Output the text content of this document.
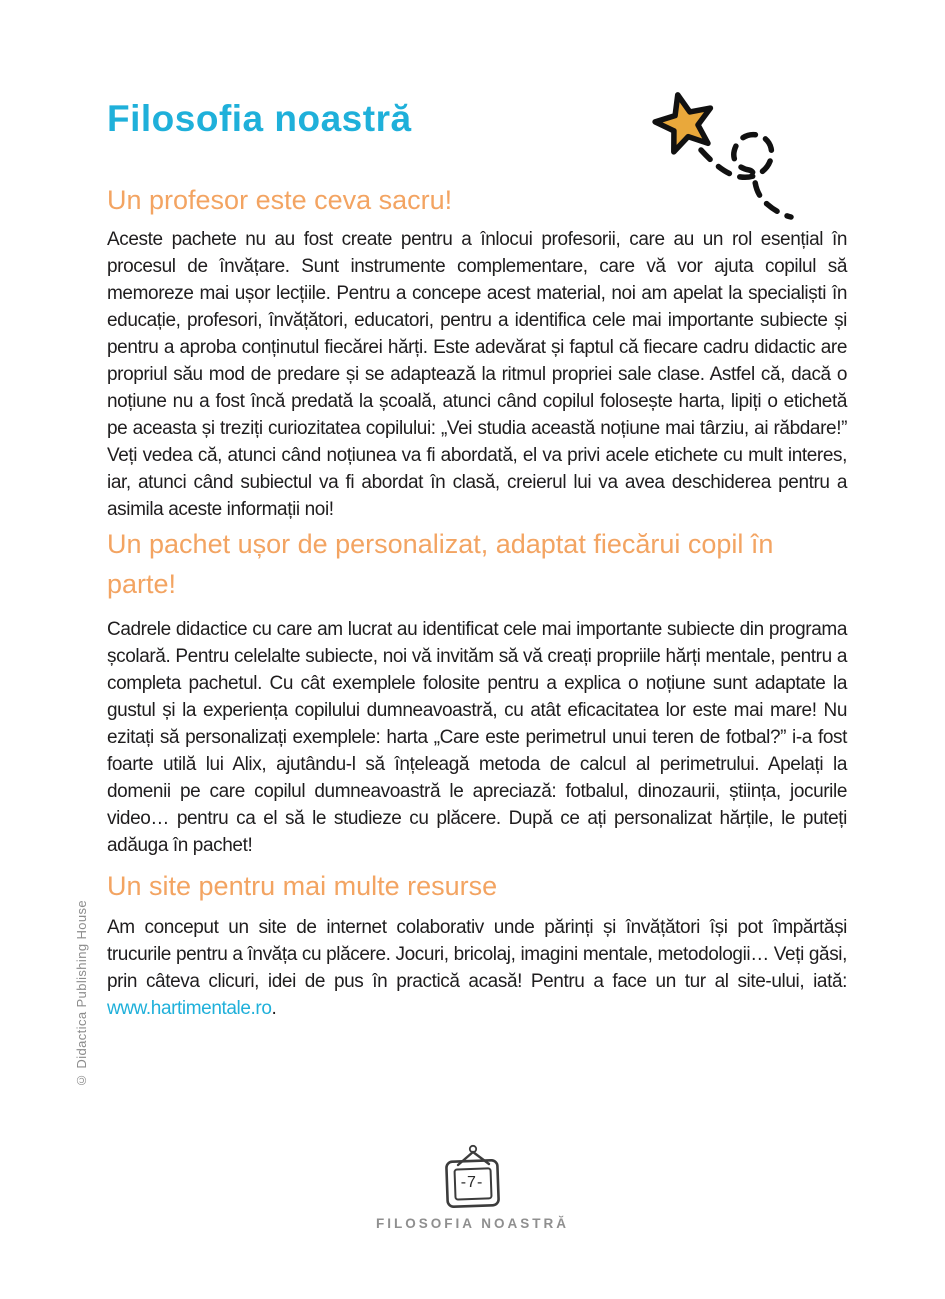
© Didactica Publishing House
Filosofia noastră
Un profesor este ceva sacru!

Aceste pachete nu au fost create pentru a înlocui profesorii, care au un rol esențial în procesul de învățare. Sunt instrumente complementare, care vă vor ajuta copilul să memoreze mai ușor lecțiile. Pentru a concepe acest material, noi am apelat la specialiști în educație, profesori, învățători, educatori, pentru a identifica cele mai importante subiecte și pentru a aproba conținutul fiecărei hărți. Este adevărat și faptul că fiecare cadru didactic are propriul său mod de predare și se adaptează la ritmul propriei sale clase. Astfel că, dacă o noțiune nu a fost încă predată la școală, atunci când copilul folosește harta, lipiți o etichetă pe aceasta și treziți curiozitatea copilului: „Vei studia această noțiune mai târziu, ai răbdare!” Veți vedea că, atunci când noțiunea va fi abordată, el va privi acele etichete cu mult interes, iar, atunci când subiectul va fi abordat în clasă, creierul lui va avea deschiderea pentru a asimila aceste informații noi!

Un pachet ușor de personalizat, adaptat fiecărui copil în parte!

Cadrele didactice cu care am lucrat au identificat cele mai importante subiecte din programa școlară. Pentru celelalte subiecte, noi vă invităm să vă creați propriile hărți mentale, pentru a completa pachetul. Cu cât exemplele folosite pentru a explica o noțiune sunt adaptate la gustul și la experiența copilului dumneavoastră, cu atât eficacitatea lor este mai mare! Nu ezitați să personalizați exemplele: harta „Care este perimetrul unui teren de fotbal?” i-a fost foarte utilă lui Alix, ajutându-l să înțeleagă metoda de calcul al perimetrului. Apelați la domenii pe care copilul dumneavoastră le apreciază: fotbalul, dinozaurii, știința, jocurile video… pentru ca el să le studieze cu plăcere. După ce ați personalizat hărțile, le puteți adăuga în pachet!

Un site pentru mai multe resurse

Am conceput un site de internet colaborativ unde părinți și învățători își pot împărtăși trucurile pentru a învăța cu plăcere. Jocuri, bricolaj, imagini mentale, metodologii… Veți găsi, prin câteva clicuri, idei de pus în practică acasă! Pentru a face un tur al site-ului, iată: www.hartimentale.ro.

-7-
FILOSOFIA NOASTRĂ
